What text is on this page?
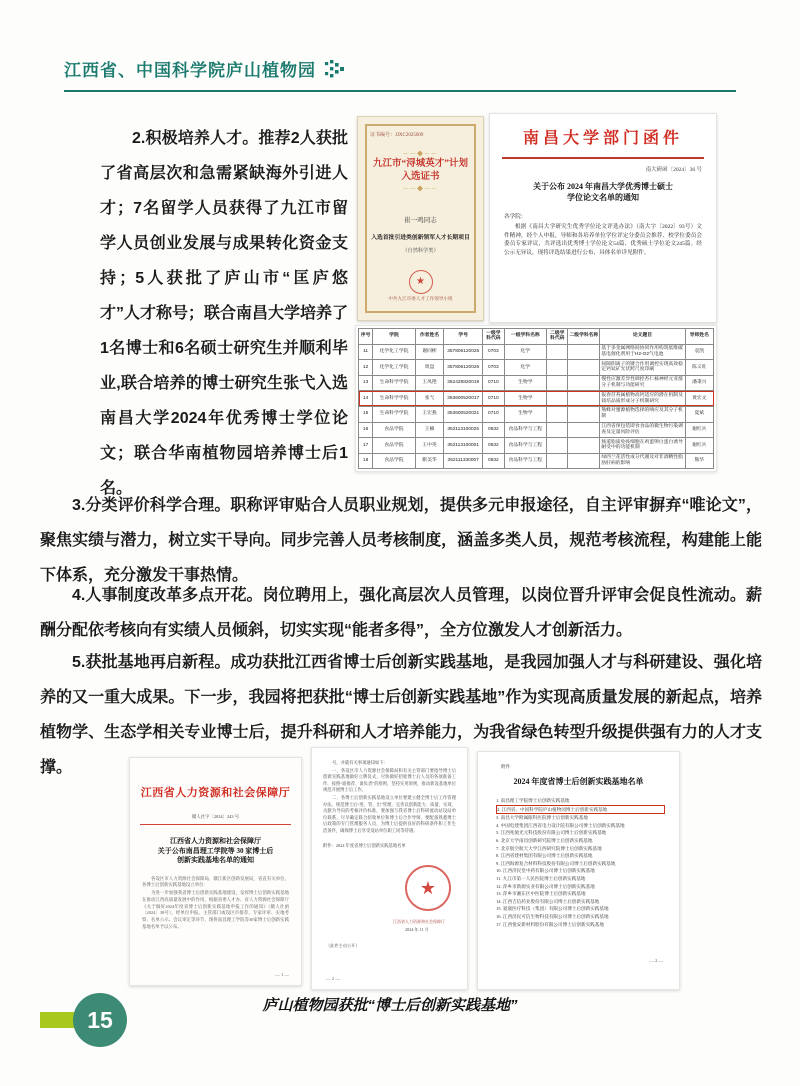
江西省、中国科学院庐山植物园

2.积极培养人才。推荐2人获批了省高层次和急需紧缺海外引进人才；7名留学人员获得了九江市留学人员创业发展与成果转化资金支持；5人获批了庐山市“匡庐悠才”人才称号；联合南昌大学培养了1名博士和6名硕士研究生并顺利毕业,联合培养的博士研究生张弋入选南昌大学2024年优秀博士学位论文；联合华南植物园培养博士后1名。

3.分类评价科学合理。职称评审贴合人员职业规划，提供多元申报途径，自主评审摒弃“唯论文”，聚焦实绩与潜力，树立实干导向。同步完善人员考核制度，涵盖多类人员，规范考核流程，构建能上能下体系，充分激发干事热情。

4.人事制度改革多点开花。岗位聘用上，强化高层次人员管理，以岗位晋升评审会促良性流动。薪酬分配依考核向有实绩人员倾斜，切实实现“能者多得”，全方位激发人才创新活力。

5.获批基地再启新程。成功获批江西省博士后创新实践基地，是我园加强人才与科研建设、强化培养的又一重大成果。下一步，我园将把获批“博士后创新实践基地”作为实现高质量发展的新起点，培养植物学、生态学相关专业博士后，提升科研和人才培养能力，为我省绿色转型升级提供强有力的人才支撑。

证书编号：JJXC2025009
～～◆～～
九江市“浔城英才”计划
入选证书
～～◆～～
崔一鸣同志
入选首批引进类创新领军人才长期项目
（自然科学类）
★
中共九江市委人才工作领导小组
南昌大学部门函件
南大研函〔2024〕36 号
关于公布 2024 年南昌大学优秀博士硕士
学位论文名单的通知
各学院：
根据《南昌大学研究生优秀学位论文评选办法》（南大字〔2022〕93号）文件精神，经个人申报，导师和各培养单位学位评定分委员会推荐、校学位委员会委员专家评议，共评选出优秀博士学位论文54篇、优秀硕士学位论文245篇。经公示无异议，现将评选结果进行公布，具体名单详见附件。
序号	学院	作者姓名	学号	一级学科代码	一级学科名称	二级学科代码	二级学科名称	论文题目	导师姓名
11	化学化工学院	谢同彬	357806120025	0703	化学			基于多金属网络间协同作用构筑低维碳基电催化剂用于H2-O2气电池	袁凯
12	化学化工学院	周盘	357806120026	0703	化学			间隙阴离子的键合作用调控实现高效稳定钙钛矿光伏跨尺度印刷	陈义旺
13	生命科学学院	王凤艳	352428820019	0710	生物学			慢性应激差异性调控杏仁核神经元亚群分子机制与功能研究	潘秉兴
14	生命科学学院	张弋	353600520017	0710	生物学			报春苣苔属植物高钙适应的潜在机制及栽培品质形成分子机制研究	黄宏文
15	生命科学学院	王宏燕	353600520021	0710	生物学			熊蜂对蜜源植物选择的响应及其分子机制	夏斌
16	食品学院	王楠	352113100025	0832	食品科学与工程			江西省预包装即食食品的微生物污染调查及定量风险评估	谢红兵
17	食品学院	王中英	352113100001	0832	食品科学与工程			肠道脂质免疫细胞在鸡蛋卵白蛋白诱导耐受中的功能机制	谢红兵
18	食品学院	靳美华	352111330007	0832	食品科学与工程			绿西兰花活性成分代谢及对非酒精性脂肪肝病的影响	熊华
江西省人力资源和社会保障厅
赣人社字〔2024〕243 号
江西省人力资源和社会保障厅
关于公布南昌理工学院等 30 家博士后
创新实践基地名单的通知

各设区市人力资源社会保障局，赣江新区创新发展局，省直有关单位，各博士后创新实践基地设立单位：

为进一步加强我省博士后创新实践基地建设，发挥博士后创新实践基地在推动江西高质量发展中的作用，根据省委人才办、省人力资源社会保障厅《关于做好2024年度省博士后创新实践基地申报工作的通知》（赣人社函〔2024〕38号），经单位申报、主管部门或设区市推荐、专家评审、实地考察、名单公示、会议审定等环节，现将南昌理工学院等30家博士后创新实践基地名单予以公布。

— 1 —

号，并就有关事项通知如下：

一、各设区市人力资源社会保障局和有关主管部门要指导博士后创新实践基地做好立牌仪式，尽快做好招收博士后人员的各项准备工作，按照“谁推荐、谁负责”的原则，坚持实用原则，推动新设基地单位规范开展博士后工作。

二、各博士后创新实践基地设立单位要建立健全博士后工作管理办法，规范博士后“进、管、出”管理，完善以创新能力、质量、实效、贡献为导向的考核评价标准，要加强与我省博士后科研流动站设站单位联系，尽早确定联合招收单位和博士后合作导师，要配备熟悉博士后政策的专门管理服务人员，为博士后提供良好的科研条件和工作生活条件，确保博士后享受设站单位职工同等待遇。

附件：2024 年度省博士后创新实践基地名单
★
江西省人力资源和社会保障厅
2024 年 11 月
（此件主动公开）
— 2 —
附件
2024 年度省博士后创新实践基地名单
1. 南昌理工学院博士后创新实践基地
2. 江西省、中国科学院庐山植物园博士后创新实践基地
3. 南昌大学附属眼科医院博士后创新实践基地
4. 中国电建集团江西省电力设计院有限公司博士后创新实践基地
5. 江西兆驰光元科技股份有限公司博士后创新实践基地
6. 北京大学南昌创新研究院博士后创新实践基地
7. 北京航空航天大学江西研究院博士后创新实践基地
8. 江西省建材集团有限公司博士后创新实践基地
9. 江西海源复合材料科技股份有限公司博士后创新实践基地
10. 江西济民堂中药有限公司博士后创新实践基地
11. 九江市第一人民医院博士后创新实践基地
12. 萍乡市新源实业有限公司博士后创新实践基地
13. 萍乡市湘东区中医院博士后创新实践基地
14. 江西吉信药业股份有限公司博士后创新实践基地
15. 爱康医疗科技（集团）有限公司博士后创新实践基地
16. 江西济民可信生物科技有限公司博士后创新实践基地
17. 江西悦安新材料股份有限公司博士后创新实践基地
— 2 —
庐山植物园获批“博士后创新实践基地”
15
